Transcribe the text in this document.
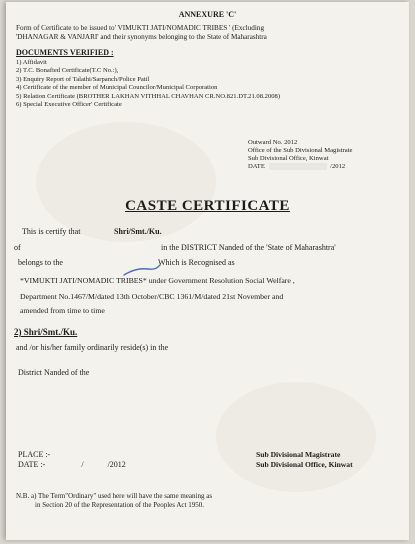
ANNEXURE 'C'
Form of Certificate to be issued to' VIMUKTI JATI/NOMADIC TRIBES ' (Excluding
'DHANAGAR & VANJARI' and their synonyms belonging to the State of Maharashtra
DOCUMENTS VERIFIED :
1) Affidavit
2) T.C. Bonafied Certificate(T.C No.:),
3) Enquiry Report of Talathi/Sarpanch/Police Patil
4) Certificate of the member of Municipal Councilor/Municipal Corporation
5) Relation Certificate (BROTHER LAKHAN VITHHAL CHAVHAN CR.NO.821.DT.21.08.2008)
6) Special Executive Officer' Certificate
Outward No. 2012
Office of the Sub Divisional Magistrate
Sub Divisional Office, Kinwat
DATE	/2012
CASTE CERTIFICATE
This is certify that	Shri/Smt./Ku.
of	in the DISTRICT Nanded of the 'State of Maharashtra'
belongs to the	Which is Recognised as
*VIMUKTI JATI/NOMADIC TRIBES* under Government Resolution Social Welfare ,
Department No.1467/M/dated 13th October/CBC 1361/M/dated 21st November and
amended from time to time
2) Shri/Smt./Ku.
and /or his/her family ordinarily reside(s) in the
District Nanded of the
PLACE :-
DATE :-	/	/2012
Sub Divisional Magistrate
Sub Divisional Office, Kinwat
N.B. a) The Term"Ordinary" used here will have the same meaning as
in Section 20 of the Representation of the Peoples Act 1950.
